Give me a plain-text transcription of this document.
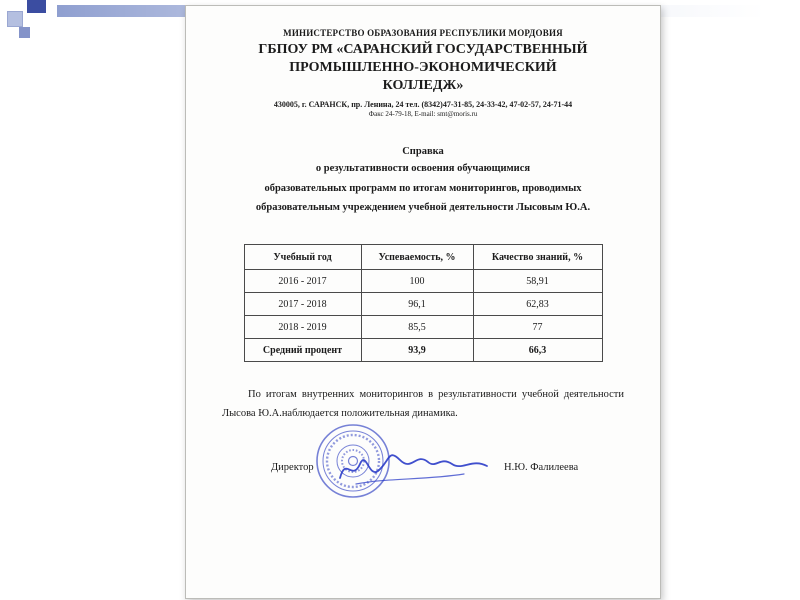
МИНИСТЕРСТВО ОБРАЗОВАНИЯ РЕСПУБЛИКИ МОРДОВИЯ
ГБПОУ РМ «САРАНСКИЙ ГОСУДАРСТВЕННЫЙ ПРОМЫШЛЕННО-ЭКОНОМИЧЕСКИЙ КОЛЛЕДЖ»
430005, г. САРАНСК, пр. Ленина, 24 тел. (8342)47-31-85, 24-33-42, 47-02-57, 24-71-44
Факс 24-79-18, E-mail: smt@moris.ru
Справка
о результативности освоения обучающимися
образовательных программ по итогам мониторингов, проводимых
образовательным учреждением учебной деятельности Лысовым Ю.А.
Учебный год	Успеваемость, %	Качество знаний, %
2016 - 2017	100	58,91
2017 - 2018	96,1	62,83
2018 - 2019	85,5	77
Средний процент	93,9	66,3

По итогам внутренних мониторингов в результативности учебной деятельности Лысова Ю.А.наблюдается положительная динамика.

Директор	Н.Ю. Фалилеева
